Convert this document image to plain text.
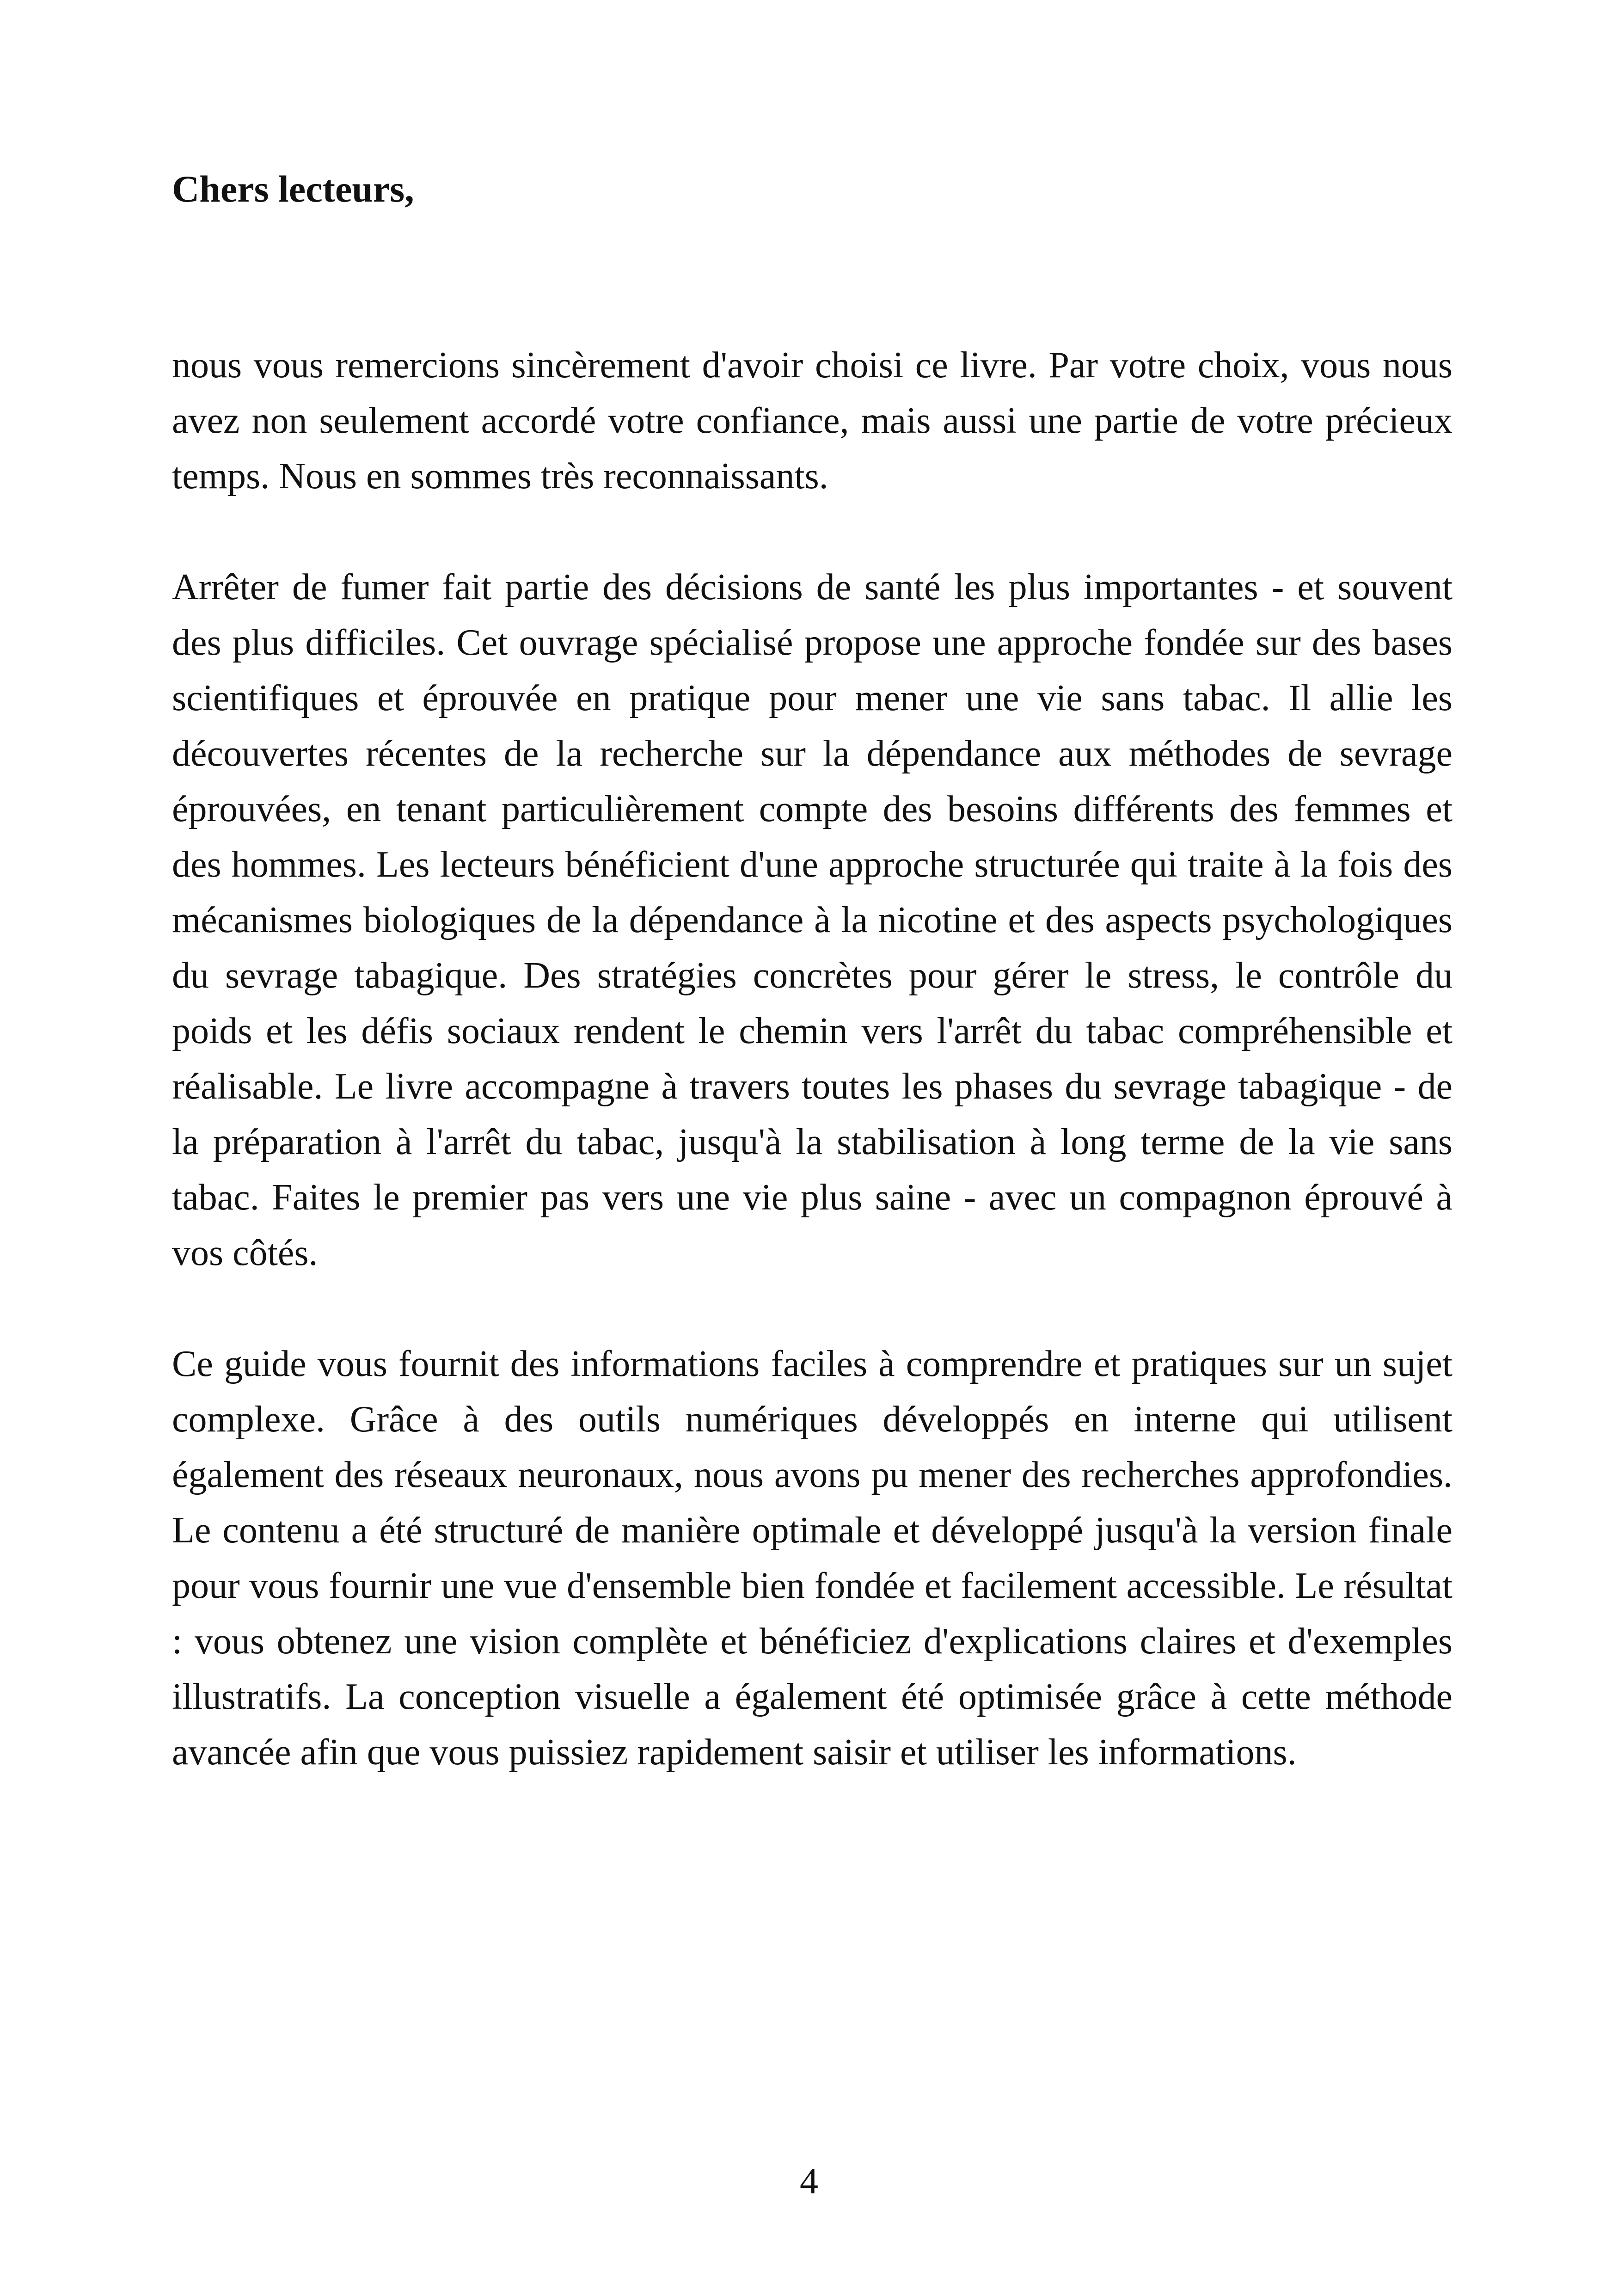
Chers lecteurs,

nous vous remercions sincèrement d'avoir choisi ce livre. Par votre choix, vous nous avez non seulement accordé votre confiance, mais aussi une partie de votre précieux temps. Nous en sommes très reconnaissants.

Arrêter de fumer fait partie des décisions de santé les plus importantes - et souvent des plus difficiles. Cet ouvrage spécialisé propose une approche fondée sur des bases scientifiques et éprouvée en pratique pour mener une vie sans tabac. Il allie les découvertes récentes de la recherche sur la dépendance aux méthodes de sevrage éprouvées, en tenant particulièrement compte des besoins différents des femmes et des hommes. Les lecteurs bénéficient d'une approche structurée qui traite à la fois des mécanismes biologiques de la dépendance à la nicotine et des aspects psychologiques du sevrage tabagique. Des stratégies concrètes pour gérer le stress, le contrôle du poids et les défis sociaux rendent le chemin vers l'arrêt du tabac compréhensible et réalisable. Le livre accompagne à travers toutes les phases du sevrage tabagique - de la préparation à l'arrêt du tabac, jusqu'à la stabilisation à long terme de la vie sans tabac. Faites le premier pas vers une vie plus saine - avec un compagnon éprouvé à vos côtés.

Ce guide vous fournit des informations faciles à comprendre et pratiques sur un sujet complexe. Grâce à des outils numériques développés en interne qui utilisent également des réseaux neuronaux, nous avons pu mener des recherches approfondies. Le contenu a été structuré de manière optimale et développé jusqu'à la version finale pour vous fournir une vue d'ensemble bien fondée et facilement accessible. Le résultat : vous obtenez une vision complète et bénéficiez d'explications claires et d'exemples illustratifs. La conception visuelle a également été optimisée grâce à cette méthode avancée afin que vous puissiez rapidement saisir et utiliser les informations.

4
